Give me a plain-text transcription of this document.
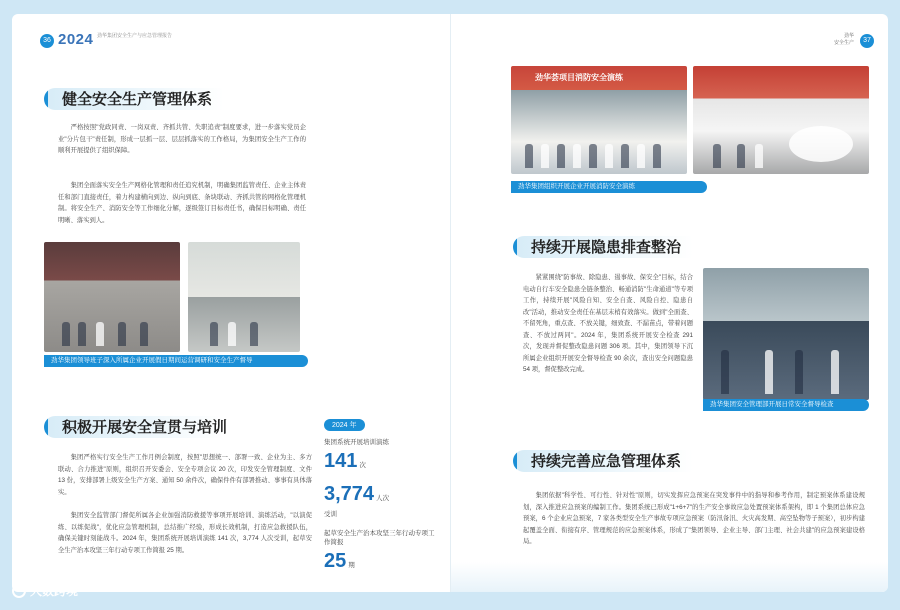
36 2024 劲华集团安全生产与应急管理报告
健全安全生产管理体系
严格按照"党政同责、一岗双责、齐抓共管、失职追责"制度要求，进一步落实党员企业"分片包干"责任制，形成一层抓一层、层层抓落实的工作格局，为集团安全生产工作的顺利开展提供了组织保障。
集团全面落实安全生产网格化管理和责任追究机制，明确集团监管责任、企业主体责任和部门直接责任，着力构建横向到边、纵向到底、条块联动、齐抓共管的网格化管理机制。将安全生产、消防安全等工作细化分解，逐级签订目标责任书，确保目标明确、责任明晰、落实到人。
劲华集团领导班子深入所属企业开展假日期间运营调研和安全生产督导
积极开展安全宣贯与培训
集团严格实行安全生产工作月例会制度，按照"思想统一、部署一致、企业为主、多方联动、合力推进"原则，组织召开安委会、安全专项会议 20 次，印发安全管理制度、文件 13 份，安排部署上级安全生产方案、通知 50 余件次，确保件件有部署推动、事事有具体落实。
集团安全监管部门督促所属各企业加强消防救援等事项开展培训、演练活动，"以演促练、以练促战"，优化应急管理机制，总结推广经验，形成长效机制，打造应急救援队伍，确保关键时刻能战斗。2024 年，集团系统开展培训演练 141 次，3,774 人次受训，起草安全生产治本攻坚三年行动专项工作简报 25 期。
2024 年
集团系统开展培训演练
141 次
3,774 人次
受训
起草安全生产治本攻坚三年行动专项工作简报
25 期
劲华
安全生产	37
劲华荟项目消防安全演练
劲华集团组织开展企业开展消防安全演练
持续开展隐患排查整治
紧紧围绕"防事故、除隐患、遏事故、保安全"目标，结合电动自行车安全隐患全链条整治、畅通消防"生命通道"等专项工作，持续开展"风险自知、安全自查、风险自控、隐患自改"活动，推动安全责任在基层末梢有效落实。做到"全面查、不留死角，重点查、不放关键，细致查、不漏苗点，带着问题查、不放过两同"。2024 年，集团系统开展安全检查 291 次，发现并督促整改隐患问题 306 项。其中，集团领导下沉所属企业组织开展安全督导检查 90 余次，查出安全问题隐患 54 项，督促整改完成。
劲华集团安全管理部开展日常安全督导检查
持续完善应急管理体系
集团依据"科学性、可行性、针对性"原则，切实发挥应急预案在突发事件中的指导和参考作用，制定预案体系建设规划，深入推进应急预案的编制工作。集团系统已形成"1+6+7"的生产安全事故应急处置预案体系架构，即 1 个集团总体应急预案，6 个企业应急预案，7 家各类型安全生产事故专项应急预案（防汛备汛、火灾高发期、高空坠物等子预案），初步构建起覆盖全面、衔接有序、管理规范的应急预案体系，形成了"集团领导、企业主导、部门主理、社会共建"的应急预案建设格局。
大数跨境
